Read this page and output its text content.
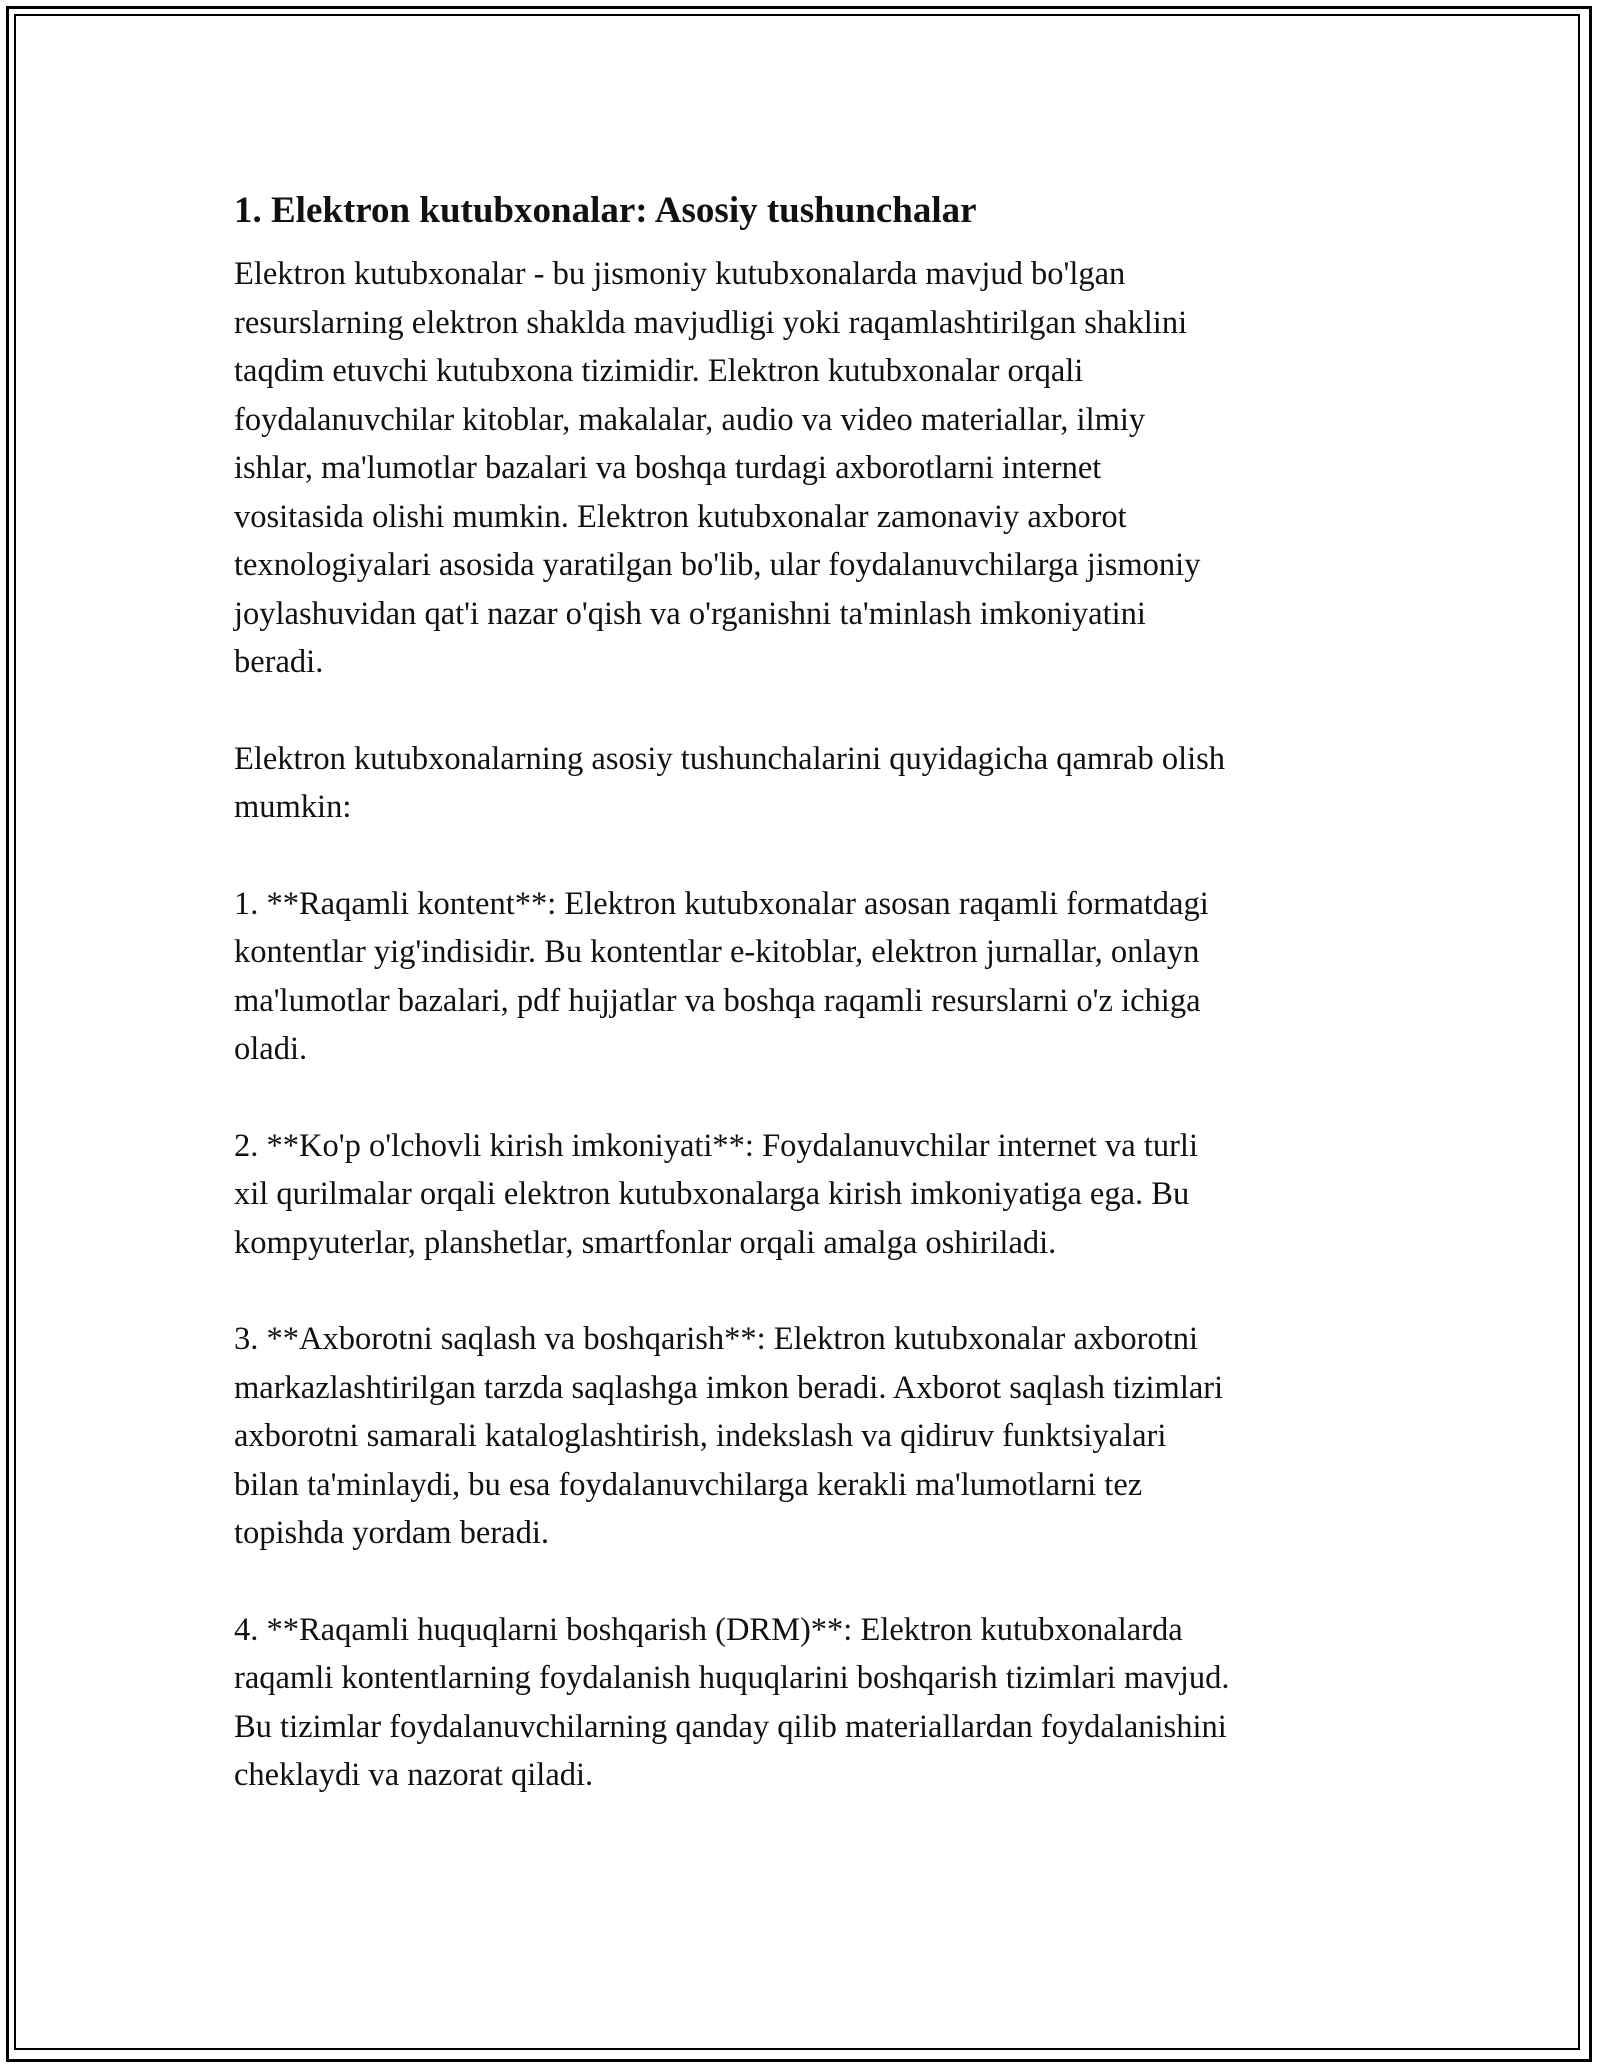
1. Elektron kutubxonalar: Asosiy tushunchalar

Elektron kutubxonalar - bu jismoniy kutubxonalarda mavjud bo'lgan
resurslarning elektron shakldа mavjudligi yoki raqamlashtirilgan shaklini
taqdim etuvchi kutubxona tizimidir. Elektron kutubxonalar orqali
foydalanuvchilar kitoblar, makalalar, audio va video materiallar, ilmiy
ishlar, ma'lumotlar bazalari va boshqa turdagi axborotlarni internet
vositasida olishi mumkin. Elektron kutubxonalar zamonaviy axborot
texnologiyalari asosida yaratilgan bo'lib, ular foydalanuvchilarga jismoniy
joylashuvidan qat'i nazar o'qish va o'rganishni ta'minlash imkoniyatini
beradi.

Elektron kutubxonalarning asosiy tushunchalarini quyidagicha qamrab olish
mumkin:

1. **Raqamli kontent**: Elektron kutubxonalar asosan raqamli formatdagi
kontentlar yig'indisidir. Bu kontentlar e-kitoblar, elektron jurnallar, onlayn
ma'lumotlar bazalari, pdf hujjatlar va boshqa raqamli resurslarni o'z ichiga
oladi.

2. **Ko'p o'lchovli kirish imkoniyati**: Foydalanuvchilar internet va turli
xil qurilmalar orqali elektron kutubxonalarga kirish imkoniyatiga ega. Bu
kompyuterlar, planshetlar, smartfonlar orqali amalga oshiriladi.

3. **Axborotni saqlash va boshqarish**: Elektron kutubxonalar axborotni
markazlashtirilgan tarzda saqlashga imkon beradi. Axborot saqlash tizimlari
axborotni samarali kataloglashtirish, indekslash va qidiruv funktsiyalari
bilan ta'minlaydi, bu esa foydalanuvchilarga kerakli ma'lumotlarni tez
topishda yordam beradi.

4. **Raqamli huquqlarni boshqarish (DRM)**: Elektron kutubxonalarda
raqamli kontentlarning foydalanish huquqlarini boshqarish tizimlari mavjud.
Bu tizimlar foydalanuvchilarning qanday qilib materiallardan foydalanishini
cheklaydi va nazorat qiladi.
